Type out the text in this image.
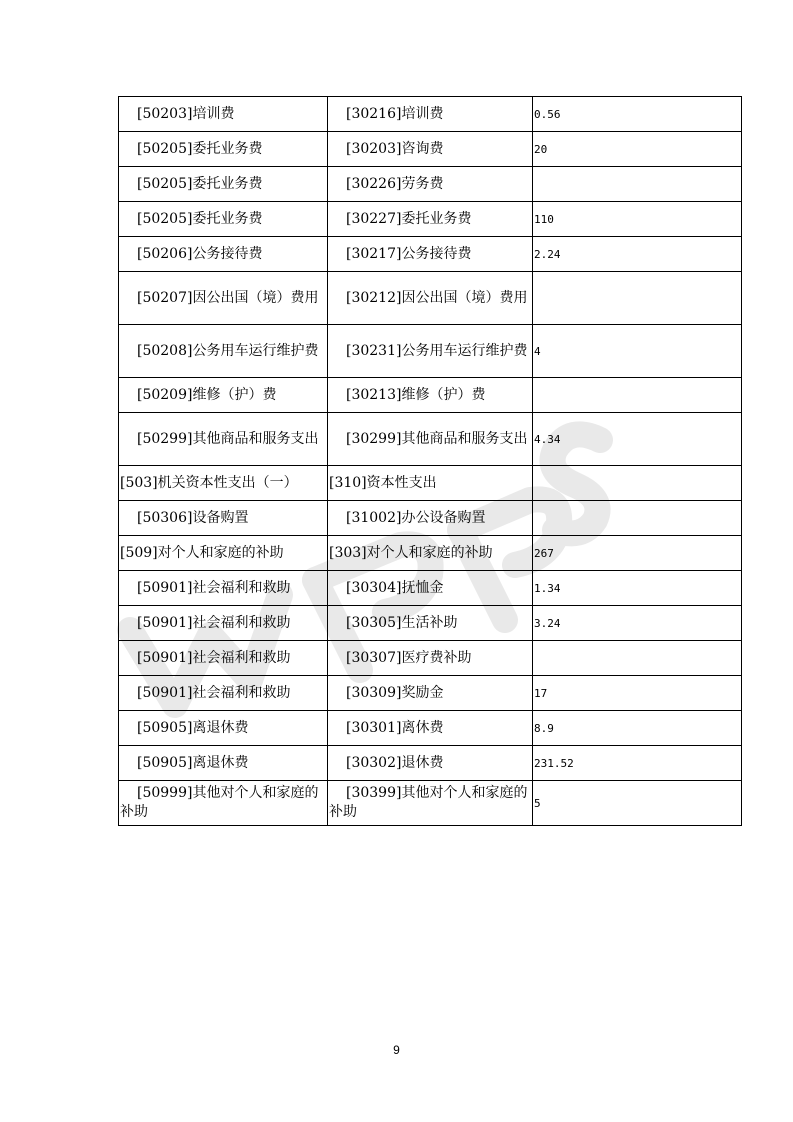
[50203]培训费	[30216]培训费	0.56
[50205]委托业务费	[30203]咨询费	20
[50205]委托业务费	[30226]劳务费	
[50205]委托业务费	[30227]委托业务费	110
[50206]公务接待费	[30217]公务接待费	2.24
[50207]因公出国（境）费用	[30212]因公出国（境）费用	
[50208]公务用车运行维护费	[30231]公务用车运行维护费	4
[50209]维修（护）费	[30213]维修（护）费	
[50299]其他商品和服务支出	[30299]其他商品和服务支出	4.34
[503]机关资本性支出（一）	[310]资本性支出	
[50306]设备购置	[31002]办公设备购置	
[509]对个人和家庭的补助	[303]对个人和家庭的补助	267
[50901]社会福利和救助	[30304]抚恤金	1.34
[50901]社会福利和救助	[30305]生活补助	3.24
[50901]社会福利和救助	[30307]医疗费补助	
[50901]社会福利和救助	[30309]奖励金	17
[50905]离退休费	[30301]离休费	8.9
[50905]离退休费	[30302]退休费	231.52
[50999]其他对个人和家庭的补助	[30399]其他对个人和家庭的补助	5
9
